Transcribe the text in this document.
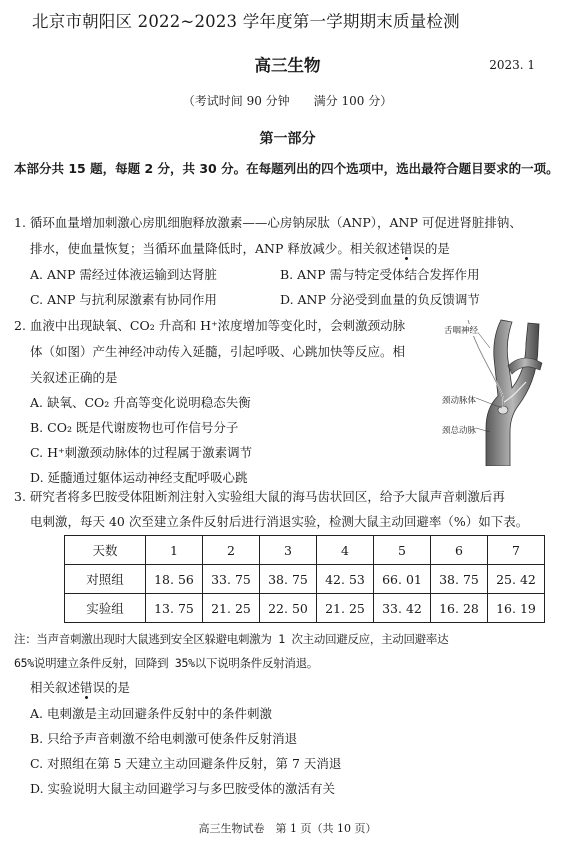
北京市朝阳区 2022~2023 学年度第一学期期末质量检测
高三生物	2023. 1
（考试时间 90 分钟　　满分 100 分）
第一部分
本部分共 15 题，每题 2 分，共 30 分。在每题列出的四个选项中，选出最符合题目要求的一项。
1. 循环血量增加刺激心房肌细胞释放激素——心房钠尿肽（ANP），ANP 可促进肾脏排钠、
排水，使血量恢复；当循环血量降低时，ANP 释放减少。相关叙述错误的是
A. ANP 需经过体液运输到达肾脏	B. ANP 需与特定受体结合发挥作用
C. ANP 与抗利尿激素有协同作用	D. ANP 分泌受到血量的负反馈调节
2. 血液中出现缺氧、CO₂ 升高和 H⁺浓度增加等变化时，会刺激颈动脉
体（如图）产生神经冲动传入延髓，引起呼吸、心跳加快等反应。相
关叙述正确的是
A. 缺氧、CO₂ 升高等变化说明稳态失衡
B. CO₂ 既是代谢废物也可作信号分子
C. H⁺刺激颈动脉体的过程属于激素调节
D. 延髓通过躯体运动神经支配呼吸心跳
舌咽神经
颈动脉体
颈总动脉
3. 研究者将多巴胺受体阻断剂注射入实验组大鼠的海马齿状回区，给予大鼠声音刺激后再
电刺激，每天 40 次至建立条件反射后进行消退实验，检测大鼠主动回避率（%）如下表。
天数	1	2	3	4	5	6	7
对照组	18. 56	33. 75	38. 75	42. 53	66. 01	38. 75	25. 42
实验组	13. 75	21. 25	22. 50	21. 25	33. 42	16. 28	16. 19
注：当声音刺激出现时大鼠逃到安全区躲避电刺激为 1 次主动回避反应，主动回避率达
65%说明建立条件反射，回降到 35%以下说明条件反射消退。
相关叙述错误的是
A. 电刺激是主动回避条件反射中的条件刺激
B. 只给予声音刺激不给电刺激可使条件反射消退
C. 对照组在第 5 天建立主动回避条件反射，第 7 天消退
D. 实验说明大鼠主动回避学习与多巴胺受体的激活有关
高三生物试卷　第 1 页（共 10 页）
